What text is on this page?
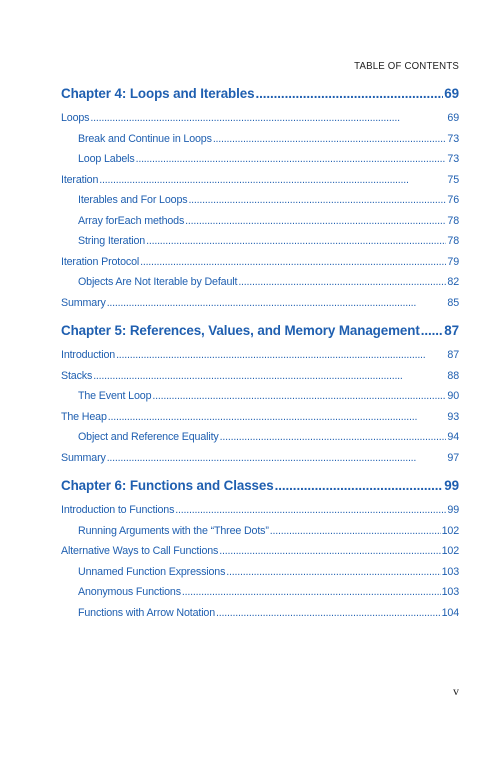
TABLE OF CONTENTS
Chapter 4: Loops and Iterables . . .	69
Loops . . .	69
Break and Continue in Loops . . .	73
Loop Labels . . .	73
Iteration . . .	75
Iterables and For Loops . . .	76
Array forEach methods . . .	78
String Iteration . . .	78
Iteration Protocol . . .	79
Objects Are Not Iterable by Default . . .	82
Summary . . .	85
Chapter 5: References, Values, and Memory Management . . . 87
Introduction . . .	87
Stacks . . .	88
The Event Loop . . .	90
The Heap . . .	93
Object and Reference Equality . . .	94
Summary . . .	97
Chapter 6: Functions and Classes . . .	99
Introduction to Functions . . .	99
Running Arguments with the “Three Dots” . . .	102
Alternative Ways to Call Functions . . .	102
Unnamed Function Expressions . . .	103
Anonymous Functions . . .	103
Functions with Arrow Notation . . .	104
v
